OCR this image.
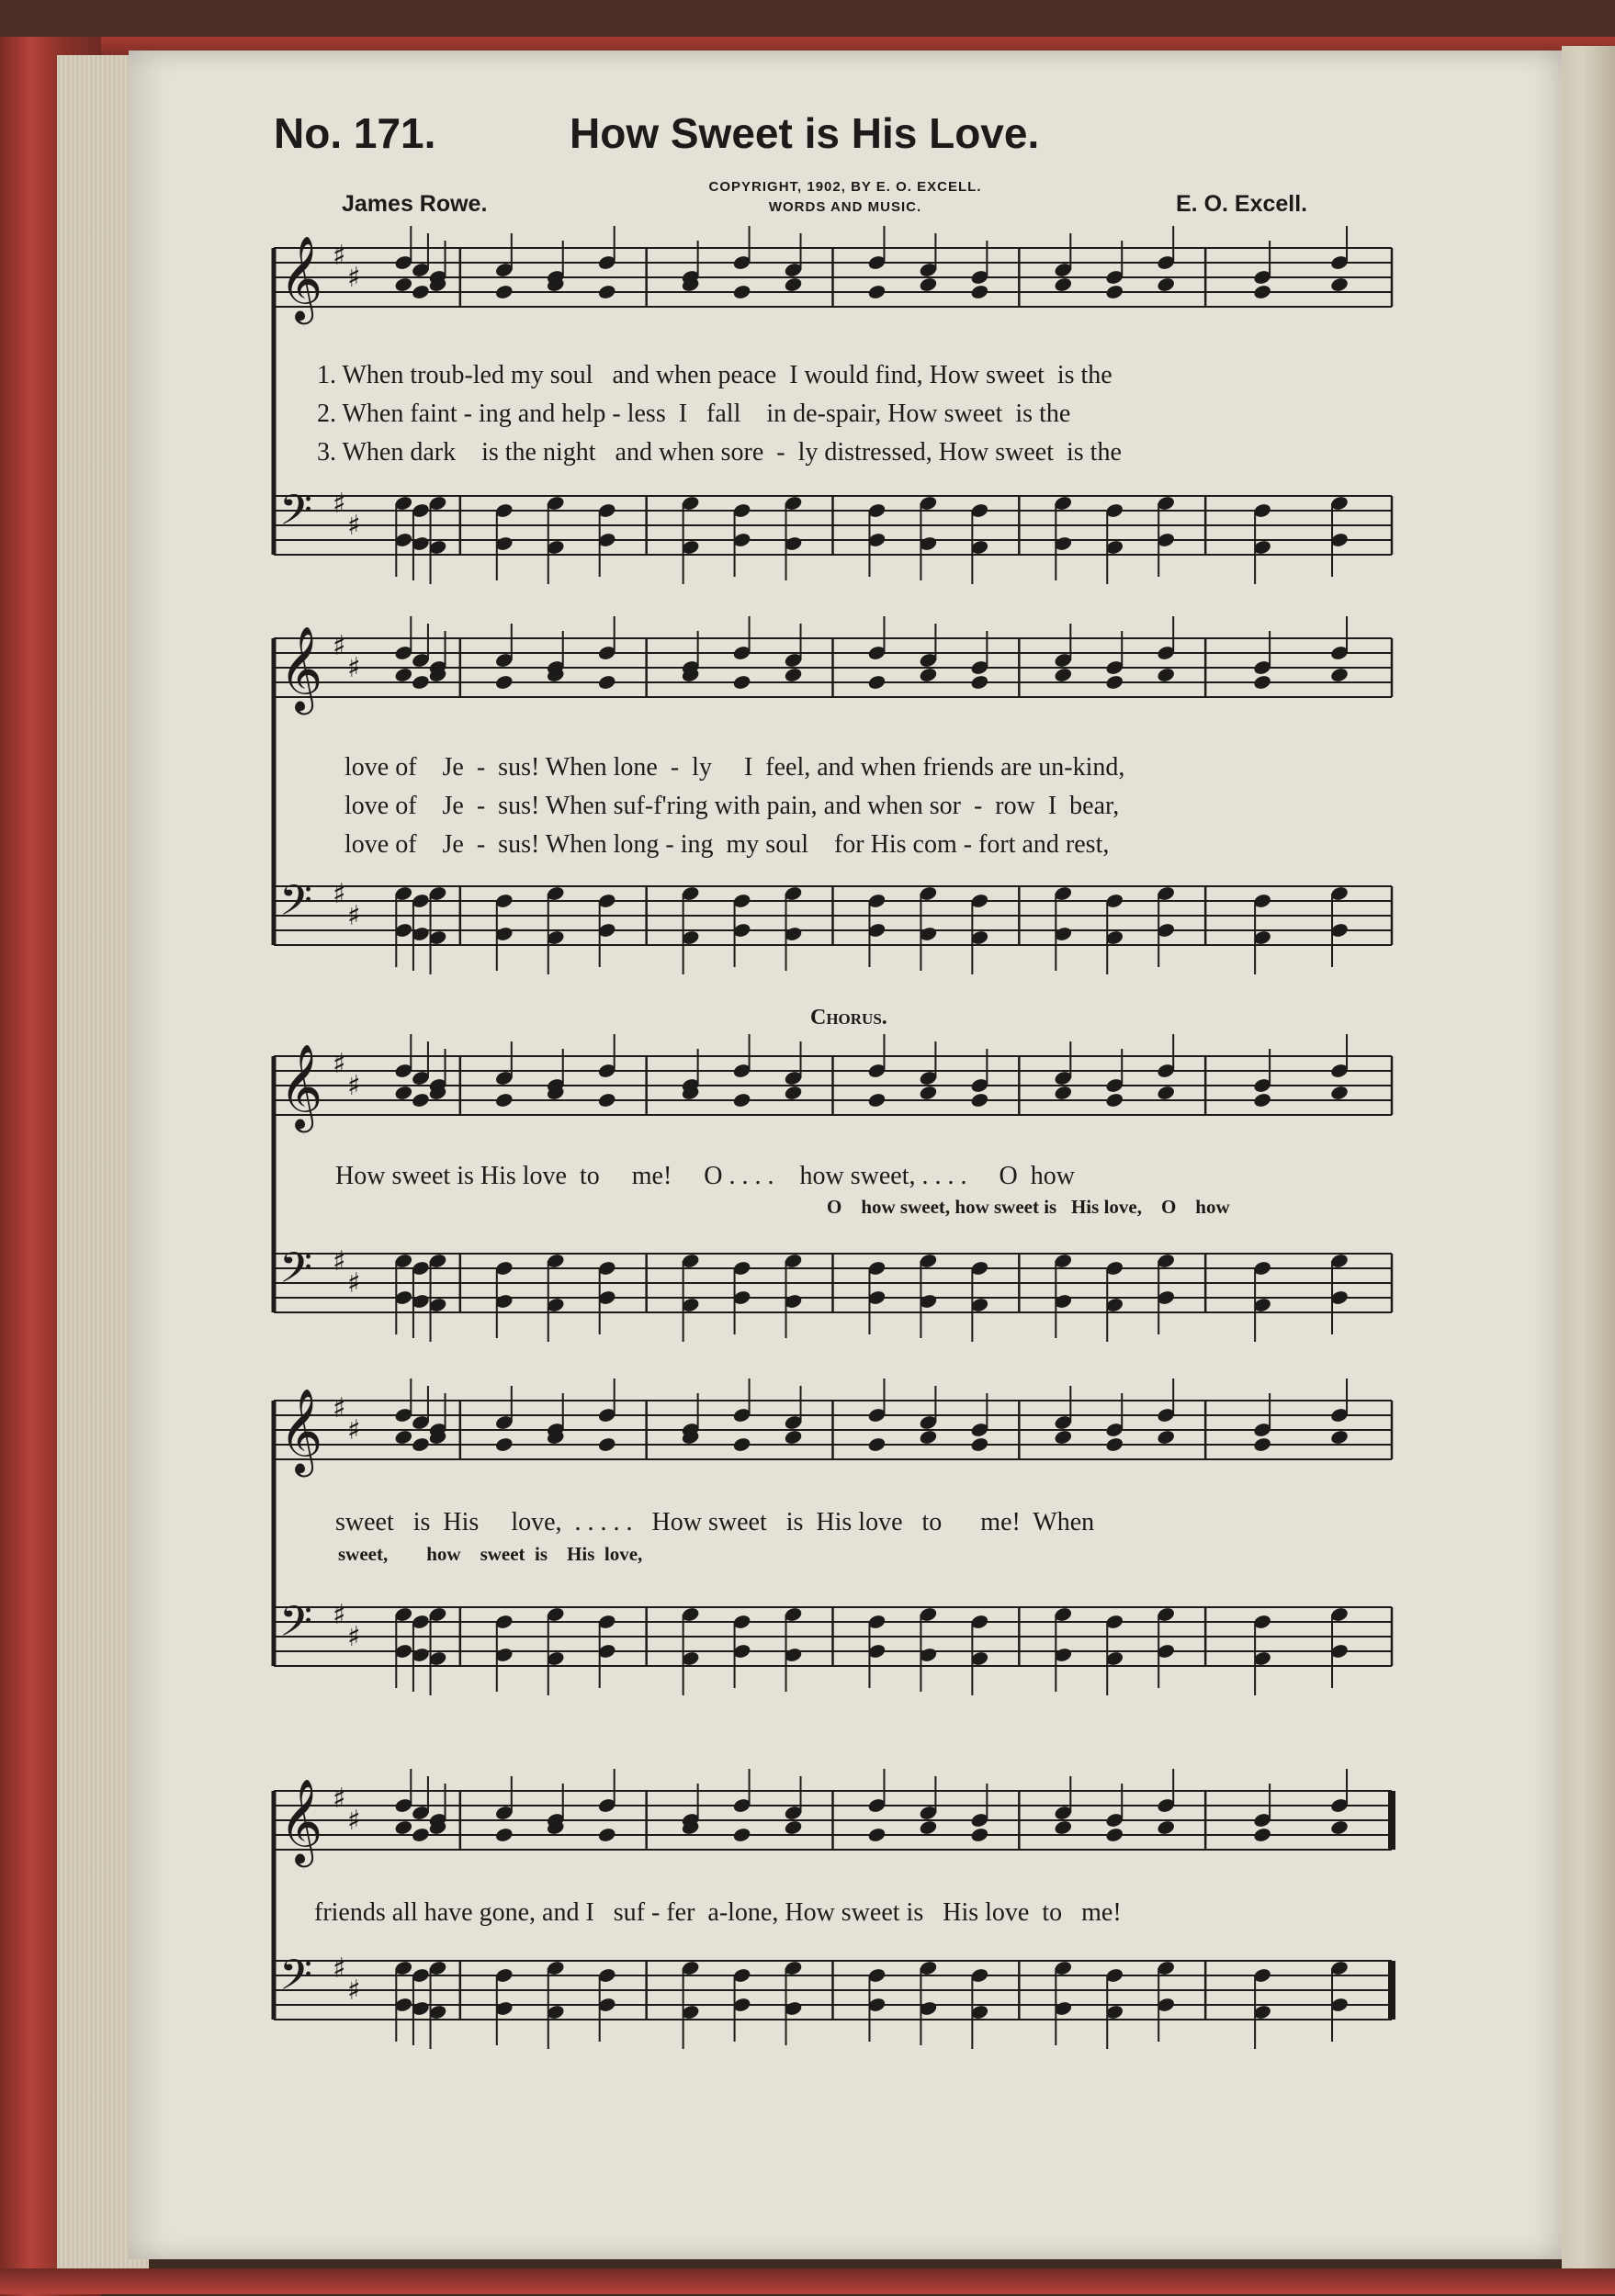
No. 171.	How Sweet is His Love.
James Rowe.
COPYRIGHT, 1902, BY E. O. EXCELL.
WORDS AND MUSIC.	E. O. Excell.
𝄞 ♯
♯
𝄢 ♯
♯
1. When troub-led my soul   and when peace  I would find, How sweet  is the
2. When faint - ing and help - less  I   fall    in de-spair, How sweet  is the
3. When dark    is the night   and when sore  -  ly distressed, How sweet  is the
𝄞 ♯
♯
𝄢 ♯
♯
love of    Je  -  sus! When lone  -  ly     I  feel, and when friends are un-kind,
love of    Je  -  sus! When suf-f'ring with pain, and when sor  -  row  I  bear,
love of    Je  -  sus! When long - ing  my soul    for His com - fort and rest,
Chorus.
𝄞 ♯
♯
𝄢 ♯
♯
How sweet is His love  to     me!     O . . . .    how sweet, . . . .     O  how
O    how sweet, how sweet is   His love,    O    how
𝄞 ♯
♯
𝄢 ♯
♯
sweet   is  His     love,  . . . . .   How sweet   is  His love   to      me!  When
sweet,        how    sweet  is    His  love,
𝄞 ♯
♯
𝄢 ♯
♯
friends all have gone, and I   suf - fer  a-lone, How sweet is   His love  to   me!
